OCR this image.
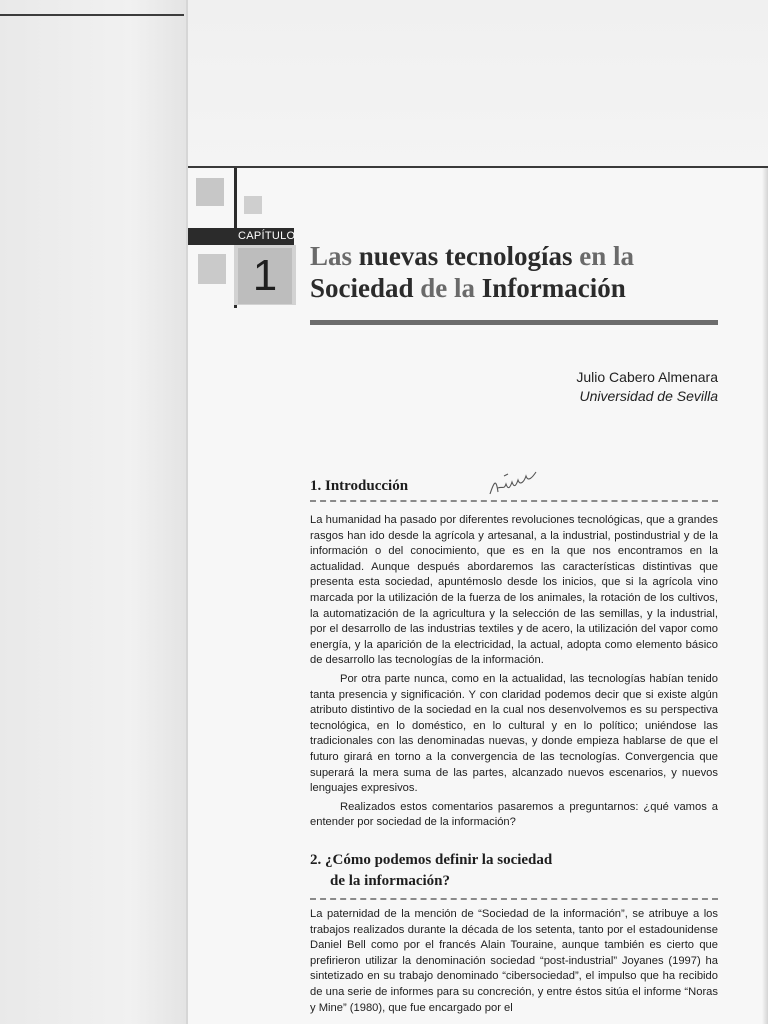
CAPÍTULO
1	Las nuevas tecnologías en la
Sociedad de la Información
Julio Cabero Almenara
Universidad de Sevilla
1. Introducción

La humanidad ha pasado por diferentes revoluciones tecnológicas, que a grandes rasgos han ido desde la agrícola y artesanal, a la industrial, postindustrial y de la información o del conocimiento, que es en la que nos encontramos en la actualidad. Aunque después abordaremos las características distintivas que presenta esta sociedad, apuntémoslo desde los inicios, que si la agrícola vino marcada por la utilización de la fuerza de los animales, la rotación de los cultivos, la automatización de la agricultura y la selección de las semillas, y la industrial, por el desarrollo de las industrias textiles y de acero, la utilización del vapor como energía, y la aparición de la electricidad, la actual, adopta como elemento básico de desarrollo las tecnologías de la información.

Por otra parte nunca, como en la actualidad, las tecnologías habían tenido tanta presencia y significación. Y con claridad podemos decir que si existe algún atributo distintivo de la sociedad en la cual nos desenvolvemos es su perspectiva tecnológica, en lo doméstico, en lo cultural y en lo político; uniéndose las tradicionales con las denominadas nuevas, y donde empieza hablarse de que el futuro girará en torno a la convergencia de las tecnologías. Convergencia que superará la mera suma de las partes, alcanzado nuevos escenarios, y nuevos lenguajes expresivos.

Realizados estos comentarios pasaremos a preguntarnos: ¿qué vamos a entender por sociedad de la información?

2. ¿Cómo podemos definir la sociedad
de la información?

La paternidad de la mención de “Sociedad de la información”, se atribuye a los trabajos realizados durante la década de los setenta, tanto por el estadounidense Daniel Bell como por el francés Alain Touraine, aunque también es cierto que prefirieron utilizar la denominación sociedad “post-industrial” Joyanes (1997) ha sintetizado en su trabajo denominado “cibersociedad”, el impulso que ha recibido de una serie de informes para su concreción, y entre éstos sitúa el informe “Noras y Mine” (1980), que fue encargado por el
